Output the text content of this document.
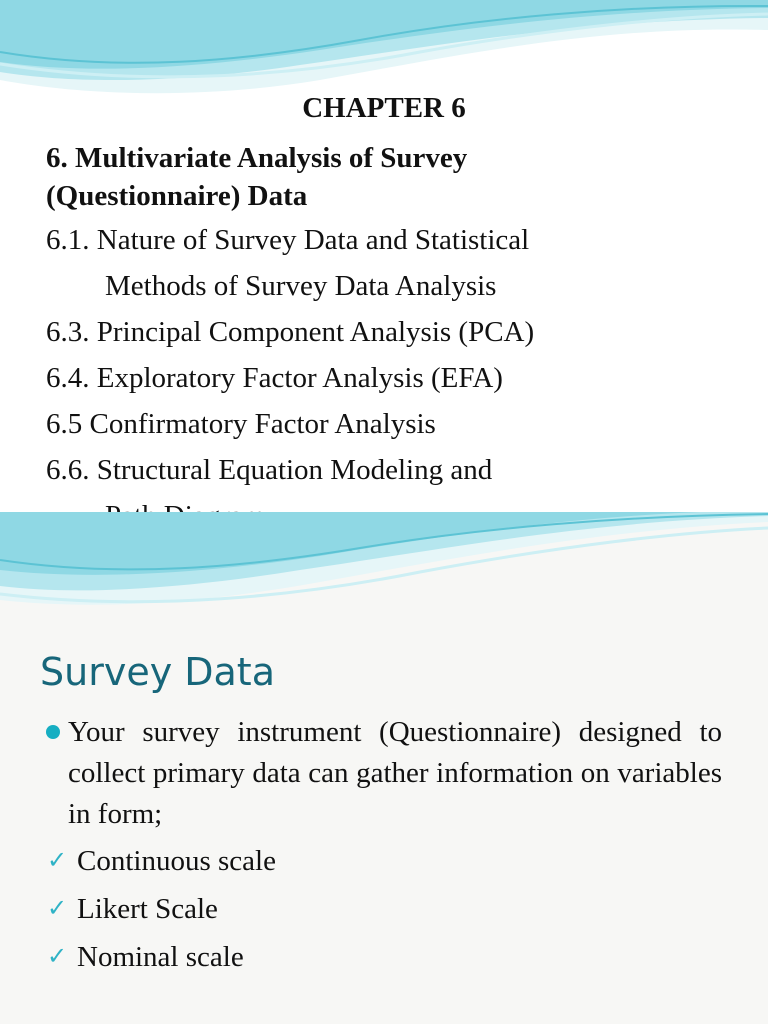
CHAPTER 6
6. Multivariate Analysis of Survey
(Questionnaire) Data
6.1. Nature of Survey Data and Statistical
Methods of Survey Data Analysis
6.3. Principal Component Analysis (PCA)
6.4. Exploratory Factor Analysis (EFA)
6.5 Confirmatory Factor Analysis
6.6. Structural Equation Modeling and
Survey Data
Your survey instrument (Questionnaire) designed to collect primary data can gather information on variables in form;
✓ Continuous scale
✓ Likert Scale
✓ Nominal scale
